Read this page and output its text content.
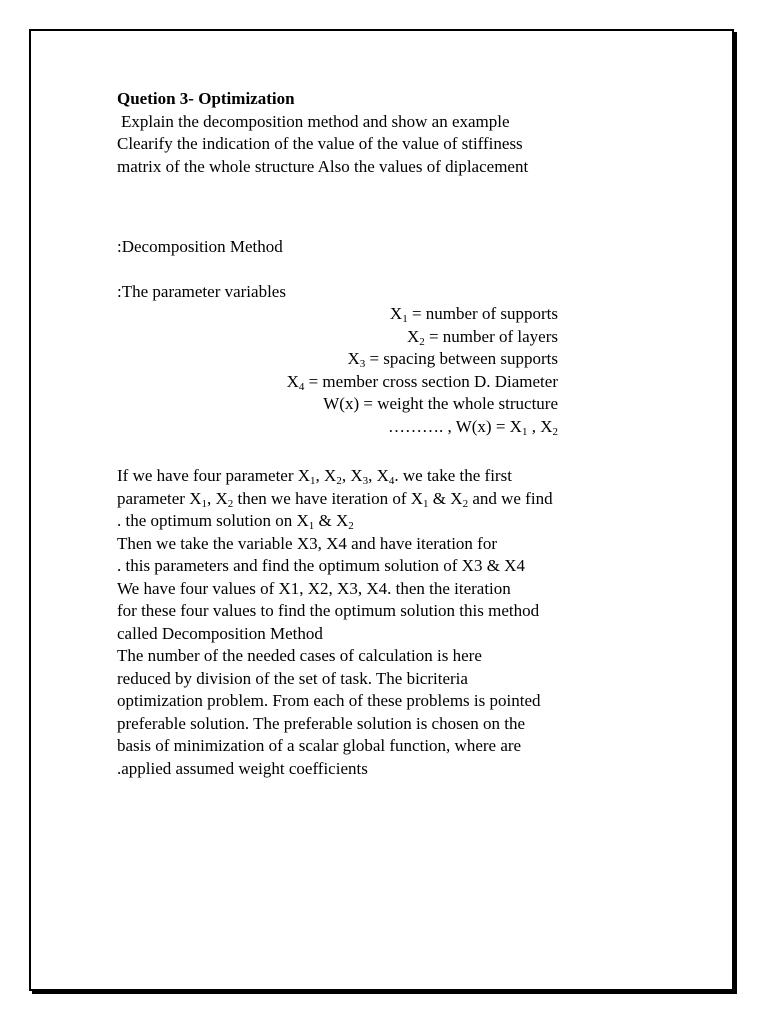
Quetion 3- Optimization

Explain the decomposition method and show an example

Clearify the indication of the value of the value of stiffiness

matrix of the whole structure Also the values of diplacement

:Decomposition Method

:The parameter variables

$X_1$ = number of supports

$X_2$ = number of layers

$X_3$ = spacing between supports

$X_4$ = member cross section D. Diameter

W(x) = weight the whole structure

………. , $W(x) = X_1$ , $X_2$

If we have four parameter $X_1$, $X_2$, $X_3$, $X_4$. we take the first

parameter $X_1$, $X_2$ then we have iteration of $X_1$ & $X_2$ and we find

. the optimum solution on $X_1$ & $X_2$

Then we take the variable X3, X4 and have iteration for

. this parameters and find the optimum solution of X3 & X4

We have four values of X1, X2, X3, X4. then the iteration

for these four values to find the optimum solution this method

called Decomposition Method

The number of the needed cases of calculation is here

reduced by division of the set of task. The bicriteria

optimization problem. From each of these problems is pointed

preferable solution. The preferable solution is chosen on the

basis of minimization of a scalar global function, where are

.applied assumed weight coefficients
